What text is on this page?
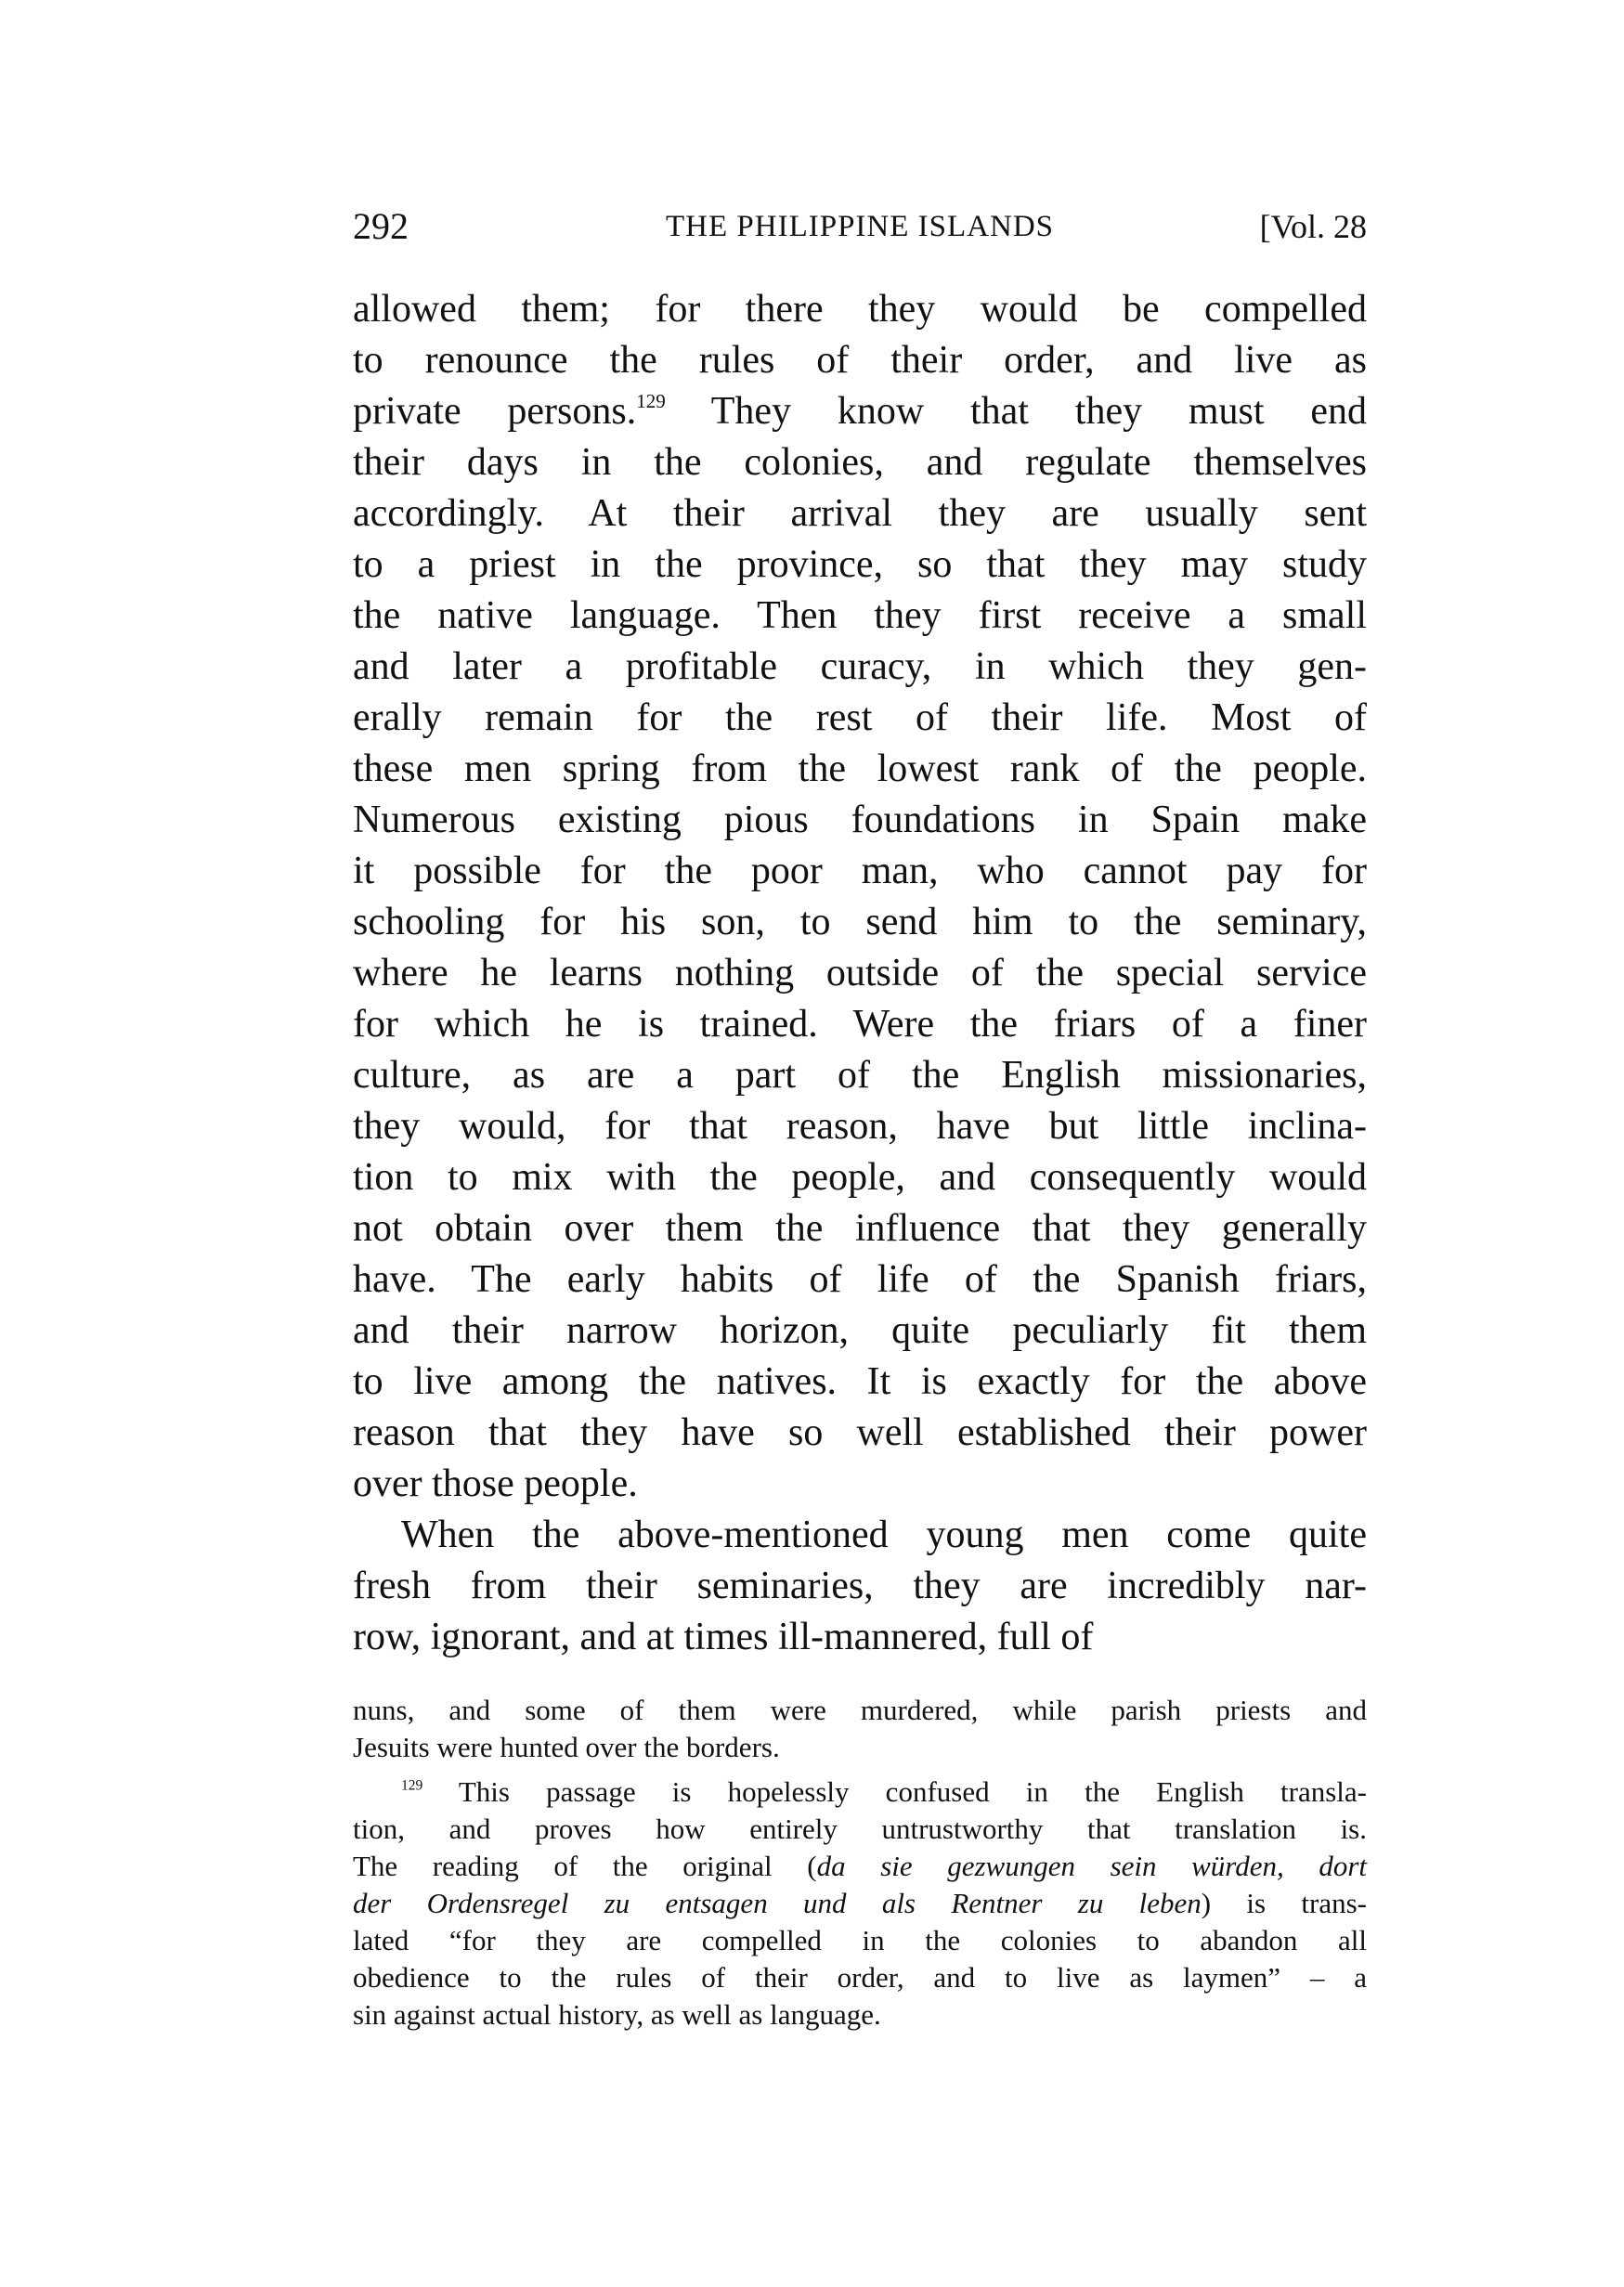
292	THE PHILIPPINE ISLANDS	[Vol. 28
allowed them; for there they would be compelled
to renounce the rules of their order, and live as
private persons.$^{129}$ They know that they must end
their days in the colonies, and regulate themselves
accordingly. At their arrival they are usually sent
to a priest in the province, so that they may study
the native language. Then they first receive a small
and later a profitable curacy, in which they gen-
erally remain for the rest of their life. Most of
these men spring from the lowest rank of the people.
Numerous existing pious foundations in Spain make
it possible for the poor man, who cannot pay for
schooling for his son, to send him to the seminary,
where he learns nothing outside of the special service
for which he is trained. Were the friars of a finer
culture, as are a part of the English missionaries,
they would, for that reason, have but little inclina-
tion to mix with the people, and consequently would
not obtain over them the influence that they generally
have. The early habits of life of the Spanish friars,
and their narrow horizon, quite peculiarly fit them
to live among the natives. It is exactly for the above
reason that they have so well established their power
over those people.
When the above-mentioned young men come quite
fresh from their seminaries, they are incredibly nar-
row, ignorant, and at times ill-mannered, full of
nuns, and some of them were murdered, while parish priests and
Jesuits were hunted over the borders.
$^{129}$ This passage is hopelessly confused in the English transla-
tion, and proves how entirely untrustworthy that translation is.
The reading of the original (da sie gezwungen sein würden, dort
der Ordensregel zu entsagen und als Rentner zu leben) is trans-
lated “for they are compelled in the colonies to abandon all
obedience to the rules of their order, and to live as laymen” – a
sin against actual history, as well as language.
